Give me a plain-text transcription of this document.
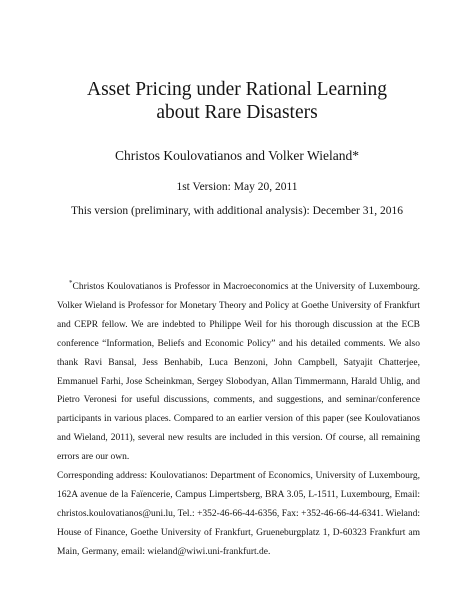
Asset Pricing under Rational Learning
about Rare Disasters
Christos Koulovatianos and Volker Wieland*
1st Version: May 20, 2011
This version (preliminary, with additional analysis): December 31, 2016

*Christos Koulovatianos is Professor in Macroeconomics at the University of Luxembourg. Volker Wieland is Professor for Monetary Theory and Policy at Goethe University of Frankfurt and CEPR fellow. We are indebted to Philippe Weil for his thorough discussion at the ECB conference “Information, Beliefs and Economic Policy” and his detailed comments. We also thank Ravi Bansal, Jess Benhabib, Luca Benzoni, John Campbell, Satyajit Chatterjee, Emmanuel Farhi, Jose Scheinkman, Sergey Slobodyan, Allan Timmermann, Harald Uhlig, and Pietro Veronesi for useful discussions, comments, and suggestions, and seminar/conference participants in various places. Compared to an earlier version of this paper (see Koulovatianos and Wieland, 2011), several new results are included in this version. Of course, all remaining errors are our own.

Corresponding address: Koulovatianos: Department of Economics, University of Luxembourg, 162A avenue de la Faïencerie, Campus Limpertsberg, BRA 3.05, L-1511, Luxembourg, Email: christos.koulovatianos@uni.lu, Tel.: +352-46-66-44-6356, Fax: +352-46-66-44-6341. Wieland: House of Finance, Goethe University of Frankfurt, Grueneburgplatz 1, D-60323 Frankfurt am Main, Germany, email: wieland@wiwi.uni-frankfurt.de.
